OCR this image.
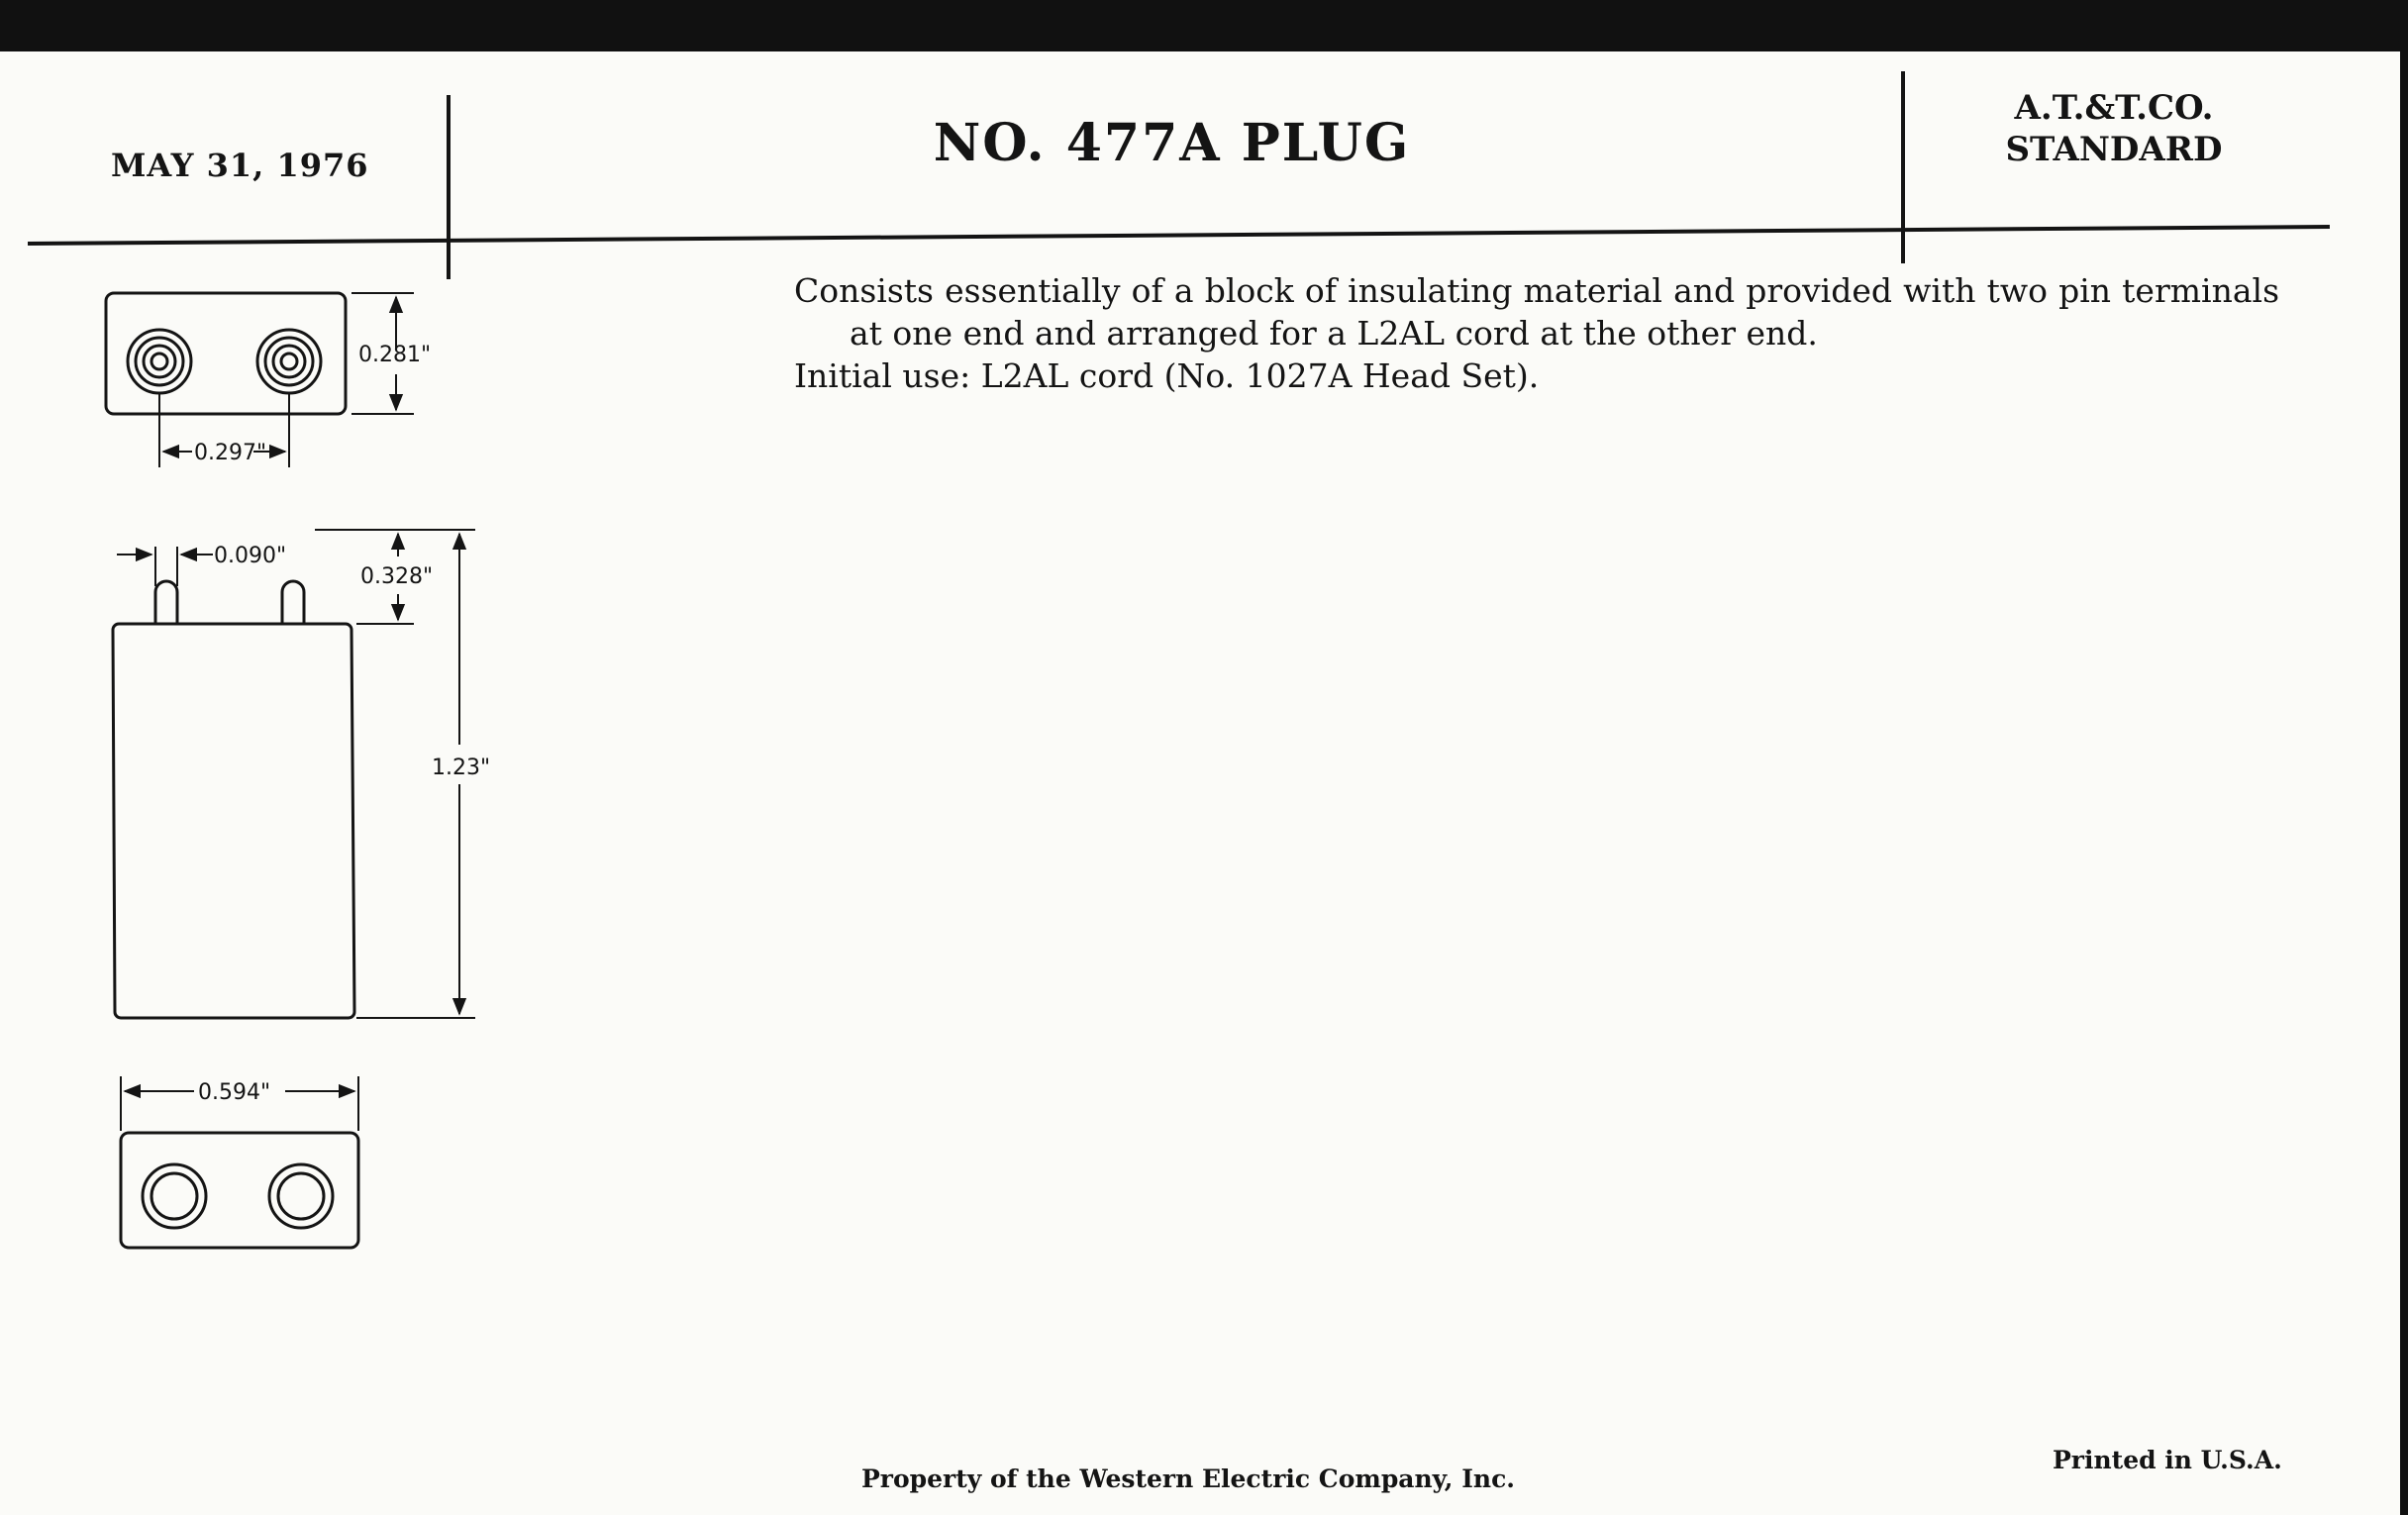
MAY 31, 1976	NO. 477A PLUG
A.T.&T.CO.
STANDARD

Consists essentially of a block of insulating material and provided with two pin terminals at one end and arranged for a L2AL cord at the other end.

Initial use: L2AL cord (No. 1027A Head Set).

0.281"
0.297"
0.090"
0.328"
1.23"
0.594"
Property of the Western Electric Company, Inc.
Printed in U.S.A.
